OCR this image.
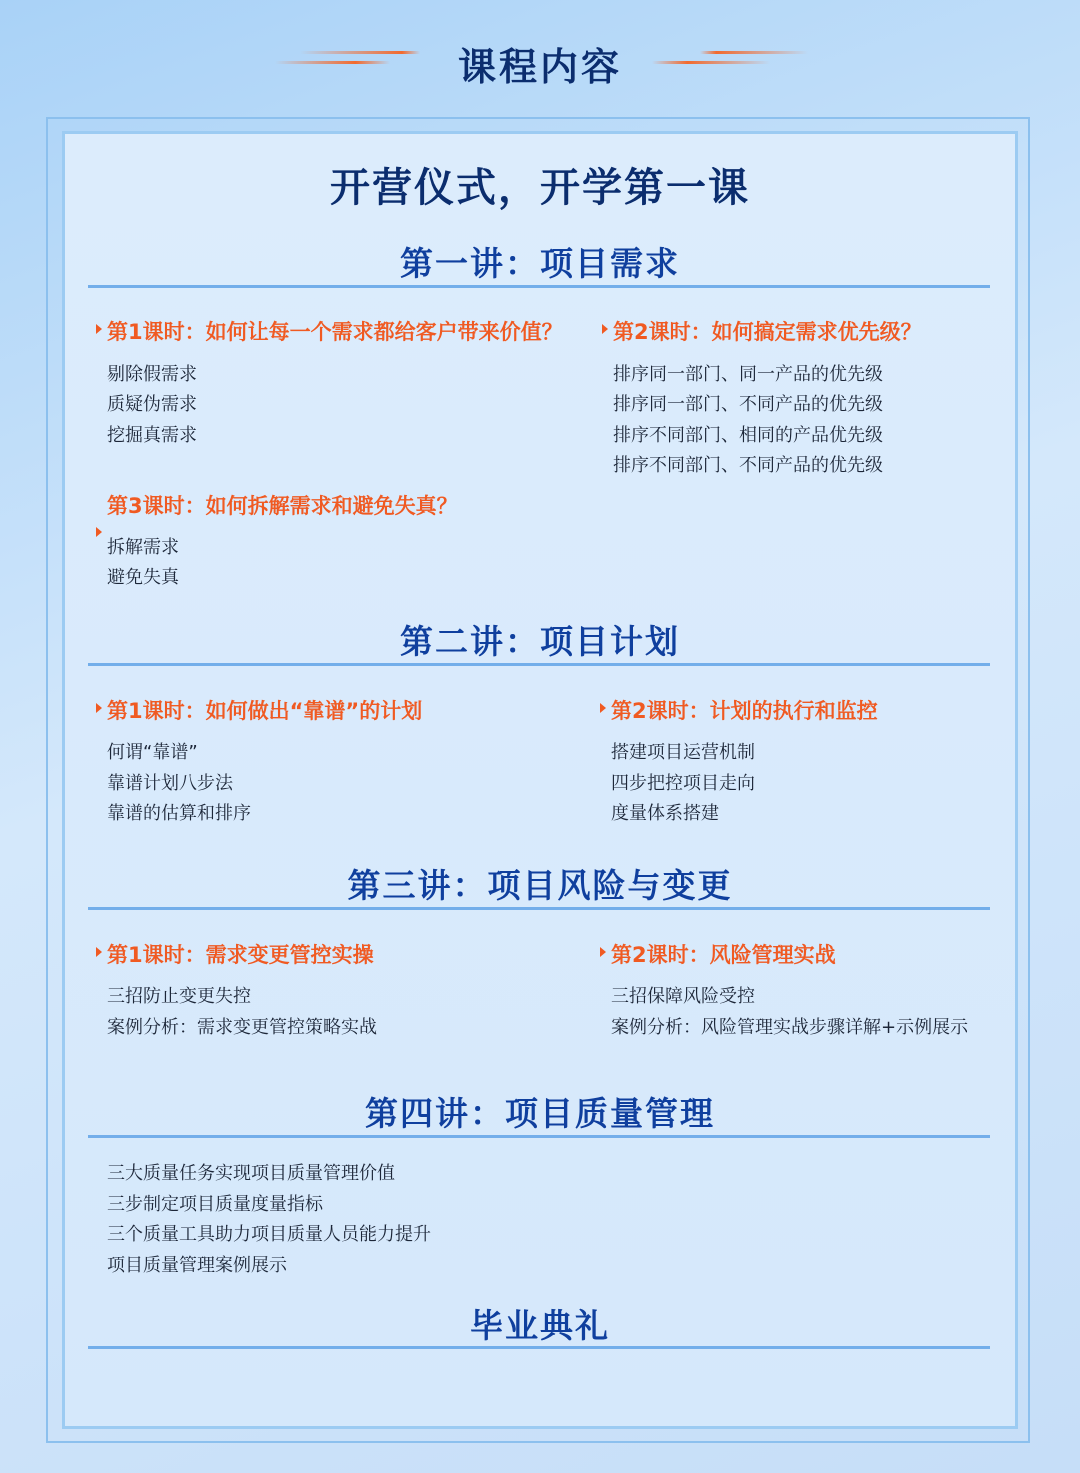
课程内容
开营仪式，开学第一课
第一讲：项目需求
第1课时：如何让每一个需求都给客户带来价值？
剔除假需求
质疑伪需求
挖掘真需求
第2课时：如何搞定需求优先级？
排序同一部门、同一产品的优先级
排序同一部门、不同产品的优先级
排序不同部门、相同的产品优先级
排序不同部门、不同产品的优先级
第3课时：如何拆解需求和避免失真？
拆解需求
避免失真
第二讲：项目计划
第1课时：如何做出“靠谱”的计划
何谓“靠谱”
靠谱计划八步法
靠谱的估算和排序
第2课时：计划的执行和监控
搭建项目运营机制
四步把控项目走向
度量体系搭建
第三讲：项目风险与变更
第1课时：需求变更管控实操
三招防止变更失控
案例分析：需求变更管控策略实战
第2课时：风险管理实战
三招保障风险受控
案例分析：风险管理实战步骤详解+示例展示
第四讲：项目质量管理
三大质量任务实现项目质量管理价值
三步制定项目质量度量指标
三个质量工具助力项目质量人员能力提升
项目质量管理案例展示
毕业典礼
